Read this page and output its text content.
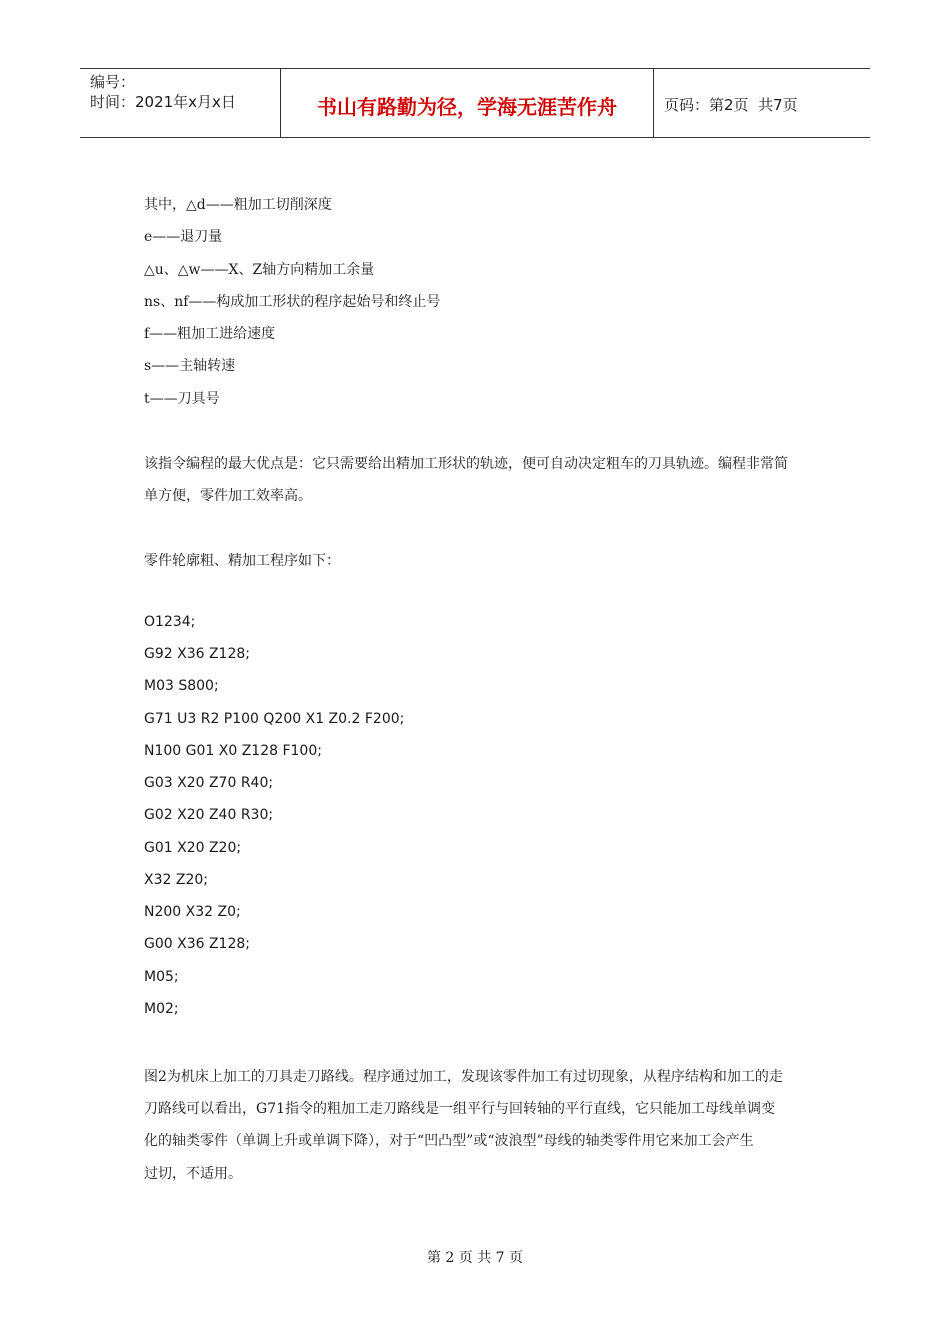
编号：
时间：2021年x月x日	书山有路勤为径，学海无涯苦作舟	页码：第2页  共7页
其中，△d——粗加工切削深度
e——退刀量
△u、△w——X、Z轴方向精加工余量
ns、nf——构成加工形状的程序起始号和终止号
f——粗加工进给速度
s——主轴转速
t——刀具号
该指令编程的最大优点是：它只需要给出精加工形状的轨迹，便可自动决定粗车的刀具轨迹。编程非常简
单方便，零件加工效率高。
零件轮廓粗、精加工程序如下：
O1234;
G92 X36 Z128;
M03 S800;
G71 U3 R2 P100 Q200 X1 Z0.2 F200;
N100 G01 X0 Z128 F100;
G03 X20 Z70 R40;
G02 X20 Z40 R30;
G01 X20 Z20;
X32 Z20;
N200 X32 Z0;
G00 X36 Z128;
M05;
M02;
图2为机床上加工的刀具走刀路线。程序通过加工，发现该零件加工有过切现象，从程序结构和加工的走
刀路线可以看出，G71指令的粗加工走刀路线是一组平行与回转轴的平行直线，它只能加工母线单调变
化的轴类零件（单调上升或单调下降），对于“凹凸型”或“波浪型”母线的轴类零件用它来加工会产生
过切，不适用。
第 2 页 共 7 页
